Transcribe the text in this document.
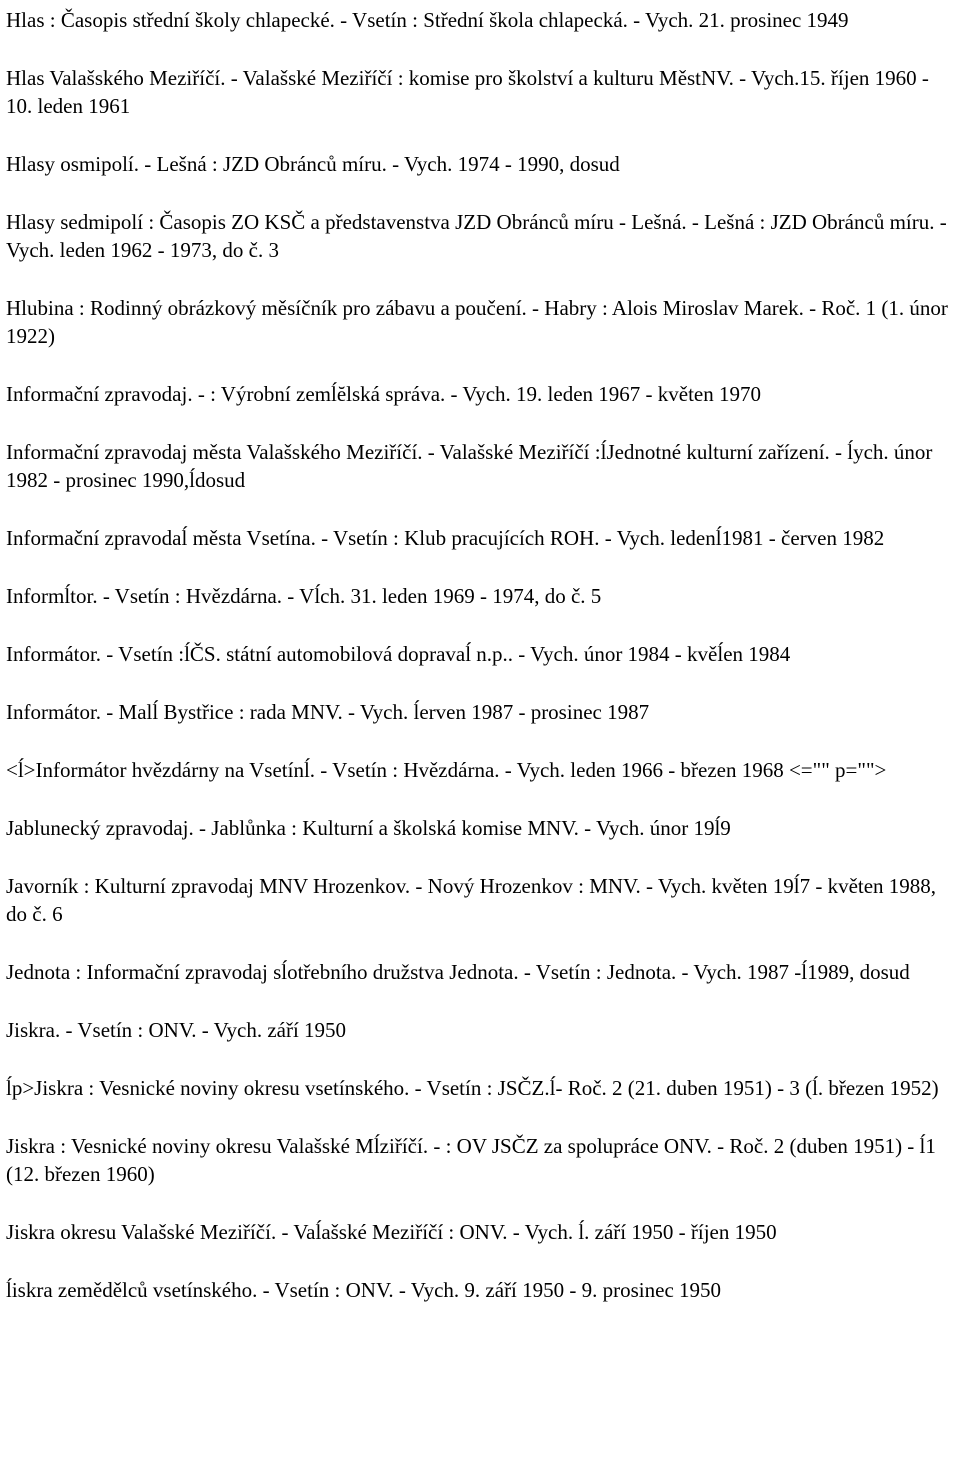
Hlas : Časopis střední školy chlapecké. - Vsetín : Střední škola chlapecká. - Vych. 21. prosinec 1949

Hlas Valašského Meziříčí. - Valašské Meziříčí : komise pro školství a kulturu MěstNV. - Vych.15. říjen 1960 - 10. leden 1961

Hlasy osmipolí. - Lešná : JZD Obránců míru. - Vych. 1974 - 1990, dosud

Hlasy sedmipolí : Časopis ZO KSČ a představenstva JZD Obránců míru - Lešná. - Lešná : JZD Obránců míru. - Vych. leden 1962 - 1973, do č. 3

Hlubina : Rodinný obrázkový měsíčník pro zábavu a poučení. - Habry : Alois Miroslav Marek. - Roč. 1 (1. únor 1922)

Informační zpravodaj. - : Výrobní zemĺĕlská správa. - Vych. 19. leden 1967 - květen 1970

Informační zpravodaj města Valašského Meziříčí. - Valašské Meziříčí :ĺJednotné kulturní zařízení. - ĺych. únor 1982 - prosinec 1990,ĺdosud

Informační zpravodaĺ města Vsetína. - Vsetín : Klub pracujících ROH. - Vych. ledenĺ1981 - červen 1982

Informĺtor. - Vsetín : Hvězdárna. - Vĺch. 31. leden 1969 - 1974, do č. 5

Informátor. - Vsetín :ĺČS. státní automobilová dopravaĺ n.p.. - Vych. únor 1984 - kvěĺen 1984

Informátor. - Malĺ Bystřice : rada MNV. - Vych. ĺerven 1987 - prosinec 1987

<ĺ>Informátor hvězdárny na Vsetínĺ. - Vsetín : Hvězdárna. - Vych. leden 1966 - březen 1968 <="" p="">

Jablunecký zpravodaj. - Jablůnka : Kulturní a školská komise MNV. - Vych. únor 19ĺ9

Javorník : Kulturní zpravodaj MNV Hrozenkov. - Nový Hrozenkov : MNV. - Vych. květen 19ĺ7 - květen 1988, do č. 6

Jednota : Informační zpravodaj sĺotřebního družstva Jednota. - Vsetín : Jednota. - Vych. 1987 -ĺ1989, dosud

Jiskra. - Vsetín : ONV. - Vych. září 1950

ĺp>Jiskra : Vesnické noviny okresu vsetínského. - Vsetín : JSČZ.ĺ- Roč. 2 (21. duben 1951) - 3 (ĺ. březen 1952)

Jiskra : Vesnické noviny okresu Valašské Mĺziříčí. - : OV JSČZ za spolupráce ONV. - Roč. 2 (duben 1951) - ĺ1 (12. březen 1960)

Jiskra okresu Valašské Meziříčí. - Vaĺašské Meziříčí : ONV. - Vych. ĺ. září 1950 - říjen 1950

ĺiskra zemědělců vsetínského. - Vsetín : ONV. - Vych. 9. září 1950 - 9. prosinec 1950
